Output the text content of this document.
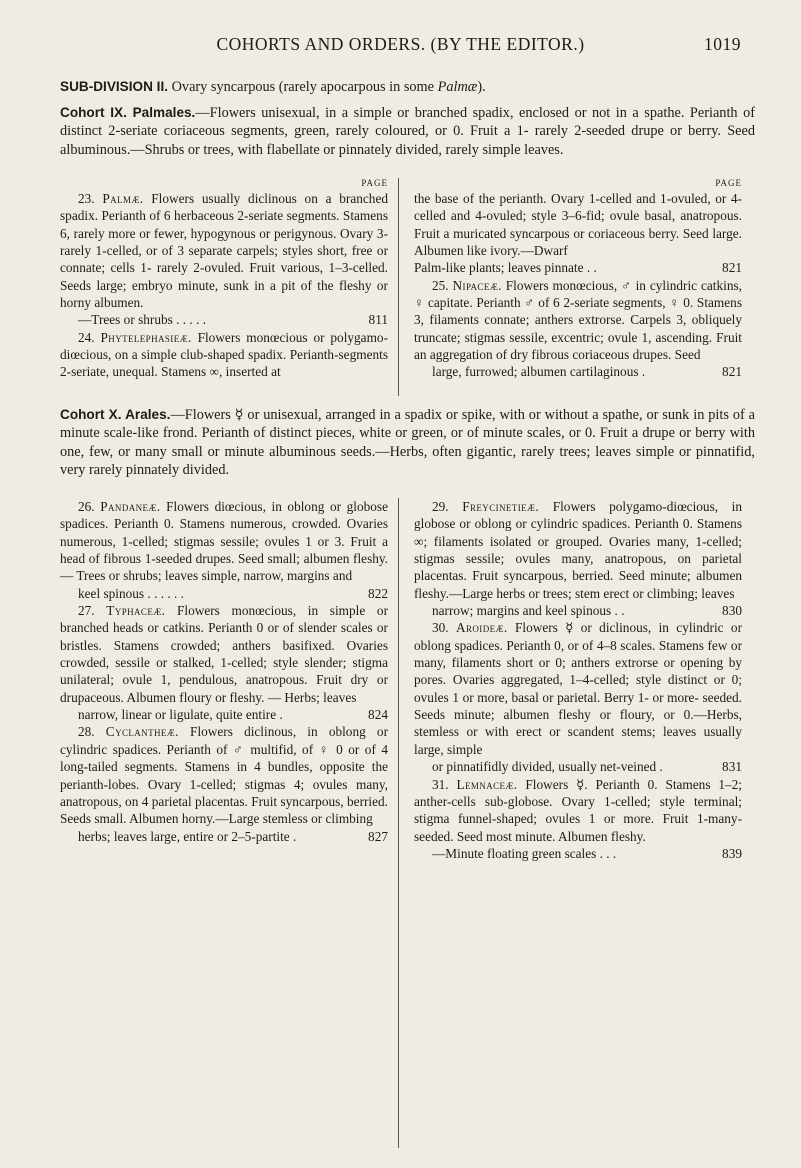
COHORTS AND ORDERS. (BY THE EDITOR.)	1019

SUB-DIVISION II. Ovary syncarpous (rarely apocarpous in some Palmæ).

Cohort IX. Palmales.—Flowers unisexual, in a simple or branched spadix, enclosed or not in a spathe. Perianth of distinct 2-seriate coriaceous segments, green, rarely coloured, or 0. Fruit a 1- rarely 2-seeded drupe or berry. Seed albuminous.—Shrubs or trees, with flabellate or pinnately divided, rarely simple leaves.

PAGE

23. Palmæ. Flowers usually diclinous on a branched spadix. Perianth of 6 herbaceous 2-seriate segments. Stamens 6, rarely more or fewer, hypogynous or perigynous. Ovary 3- rarely 1-celled, or of 3 separate carpels; styles short, free or connate; cells 1- rarely 2-ovuled. Fruit various, 1–3-celled. Seeds large; embryo minute, sunk in a pit of the fleshy or horny albumen.
—Trees or shrubs . . . . .	811

24. Phytelephasieæ. Flowers monœcious or polygamo-diœcious, on a simple club-shaped spadix. Perianth-segments 2-seriate, unequal. Stamens ∞, inserted at

PAGE

the base of the perianth. Ovary 1-celled and 1-ovuled, or 4-celled and 4-ovuled; style 3–6-fid; ovule basal, anatropous. Fruit a muricated syncarpous or coriaceous berry. Seed large. Albumen like ivory.—Dwarf
Palm-like plants; leaves pinnate . .	821

25. Nipaceæ. Flowers monœcious, ♂ in cylindric catkins, ♀ capitate. Perianth ♂ of 6 2-seriate segments, ♀ 0. Stamens 3, filaments connate; anthers extrorse. Carpels 3, obliquely truncate; stigmas sessile, excentric; ovule 1, ascending. Fruit an aggregation of dry fibrous coriaceous drupes. Seed
large, furrowed; albumen cartilaginous .	821

Cohort X. Arales.—Flowers ☿ or unisexual, arranged in a spadix or spike, with or without a spathe, or sunk in pits of a minute scale-like frond. Perianth of distinct pieces, white or green, or of minute scales, or 0. Fruit a drupe or berry with one, few, or many small or minute albuminous seeds.—Herbs, often gigantic, rarely trees; leaves simple or pinnatifid, very rarely pinnately divided.

26. Pandaneæ. Flowers diœcious, in oblong or globose spadices. Perianth 0. Stamens numerous, crowded. Ovaries numerous, 1-celled; stigmas sessile; ovules 1 or 3. Fruit a head of fibrous 1-seeded drupes. Seed small; albumen fleshy. — Trees or shrubs; leaves simple, narrow, margins and
keel spinous . . . . . .	822

27. Typhaceæ. Flowers monœcious, in simple or branched heads or catkins. Perianth 0 or of slender scales or bristles. Stamens crowded; anthers basifixed. Ovaries crowded, sessile or stalked, 1-celled; style slender; stigma unilateral; ovule 1, pendulous, anatropous. Fruit dry or drupaceous. Albumen floury or fleshy. — Herbs; leaves
narrow, linear or ligulate, quite entire .	824

28. Cyclantheæ. Flowers diclinous, in oblong or cylindric spadices. Perianth of ♂ multifid, of ♀ 0 or of 4 long-tailed segments. Stamens in 4 bundles, opposite the perianth-lobes. Ovary 1-celled; stigmas 4; ovules many, anatropous, on 4 parietal placentas. Fruit syncarpous, berried. Seeds small. Albumen horny.—Large stemless or climbing
herbs; leaves large, entire or 2–5-partite .	827

29. Freycinetieæ. Flowers polygamo-diœcious, in globose or oblong or cylindric spadices. Perianth 0. Stamens ∞; filaments isolated or grouped. Ovaries many, 1-celled; stigmas sessile; ovules many, anatropous, on parietal placentas. Fruit syncarpous, berried. Seed minute; albumen fleshy.—Large herbs or trees; stem erect or climbing; leaves
narrow; margins and keel spinous . .	830

30. Aroideæ. Flowers ☿ or diclinous, in cylindric or oblong spadices. Perianth 0, or of 4–8 scales. Stamens few or many, filaments short or 0; anthers extrorse or opening by pores. Ovaries aggregated, 1–4-celled; style distinct or 0; ovules 1 or more, basal or parietal. Berry 1- or more- seeded. Seeds minute; albumen fleshy or floury, or 0.—Herbs, stemless or with erect or scandent stems; leaves usually large, simple
or pinnatifidly divided, usually net-veined .	831

31. Lemnaceæ. Flowers ☿. Perianth 0. Stamens 1–2; anther-cells sub-globose. Ovary 1-celled; style terminal; stigma funnel-shaped; ovules 1 or more. Fruit 1-many-seeded. Seed most minute. Albumen fleshy.
—Minute floating green scales . . .	839
